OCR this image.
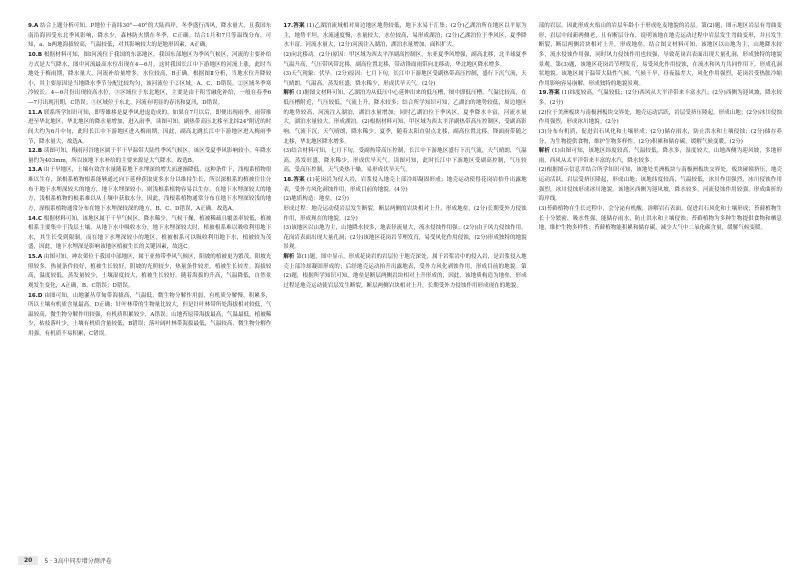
9.A 结合上题分析可知，P地位于南纬30°—40°的大陆西岸，冬季盛行西风，降水量大，且我国东南沿海因受东北季风影响，降水少，森林防火期在冬季，C正确。结合1月和7月等温线分布，可知，a、b两地海拔较高，气温较低，对其影响较大的是地形因素，A正确。

10.B 根据材料可知，图Ⅰ河流位于我国的东部地区，我国东部地区为季风气候区，河流的主要补给方式是大气降水，图中河流最高水位出现在4—6月，这时我国长江中下游地区的河流上涨，此时当地处于梅雨期，降水量大，河流补给量增多，水位较高，B正确。根据图Ⅱ分析，当地水位升降较小，其主要原因是当地降水季节分配比较均匀，该河流位于②区域，A、C、D错误。②区域冬季寒冷较长，4—6月份出现较高水位，③区域位于东北地区，主要是由于积雪融化补给，一般在春季6—7月出现汛期，C错误；⑤区域位于东北，河流有明显的春汛和夏汛，D错误。

11.A 联系所学知识可知，即等雄移是夏季风进退造成的，如果在7月以后，即便出现雨季，雨带推进至华北地区，华北地区的降水量增加，进入雨季。读图可知，副热带高压北移至北纬24°附近的时间大约为6月中旬，此时长江中下游地区进入梅雨期，因此，副高北跳长江中下游地区进入梅雨季节，降水量大，故选A。

12.B 读图可知，梅雨河谷地区属于半干旱温带大陆性季风气候区，该区受夏季风影响较小，年降水量约为403mm，所以该地下水补给的主要来源是大气降水。故选B。

13.A 由于旱地区，土壤有效含水量随着地下水埋深的增大而逐渐降低，这种条件下，浅根系植物很难以生存，深根系植物根系能够通过向下延伸获取更多水分以维持生长，所以深根系的植被往往分布于地下水埋深较大的地方，地下水埋深较小，则浅根系植物容易以生存，在地下水埋深较大的地方，浅根系植物的根系难以从土壤中获取水分，因此，浅根系植物通常分布在地下水埋深较浅的地方，深根系植物通常分布在地下水埋深较深的地方，B、C、D错误，A正确。故选A。

14.C 根据材料可知，该地区属于干旱气候区，降水稀少，气候干燥，植被稀疏且覆盖率较低，植被根系主要集中于浅层土壤，从地下水中吸收水分，地下水埋深较大时，植被根系难以吸收利用地下水，其生长受到限制。而在地下水埋深较小的地区，植被根系可以吸收利用地下水，植被较为茂盛，因此，地下水埋深是影响该地区植被生长的关键因素，故选C。

15.A 由图可知，神农架位于我国中部地区，属于亚热带季风气候区，阳坡的植被更为繁茂，阳坡光照较多，热量条件较好，植被生长较好，阴坡的光照较少，热量条件较差，植被生长较差。海拔较高，温度较低，蒸发量较少，土壤湿度较大，植被生长较好。随着海拔的升高，气温降低，自然景观发生变化，A正确，B、C错误；D错误。

16.D 由图可知，山地灌丛草甸带海拔高，气温低，微生物分解作用弱，有机质分解慢，积累多，所以土壤有机质含量最高，D正确；针叶林带的生物量比较大，但是针叶林带所处海拔相对较低，气温较高，微生物分解作用较强，有机质积累较少，A错误；山地苔原带海拔最高，气温最低，植被稀少，枯枝落叶少，土壤有机质含量较低，B错误；落叶阔叶林带海拔最低，气温较高，微生物分解作用强，有机质不易积累，C错误。

17.答案 (1)乙湖泊流域相对周边地区地势较低，地下水易于汇集；(2分)乙湖泊所在地区以平原为主，地势平坦，水流速度慢，水量较大，水位较高，易形成湖泊；(2分)乙湖泊位于季风区，夏季降水丰富，河流水量大，(2分)河流注入湖泊，湖泊水量增加，面积扩大。

(2)向北移动。(2分)原因：甲区域为西太平洋副高控制区，东亚夏季风增强，副高北移，北半球夏季气温升高，气压带风带北移，副高位置北移，带动锋面雨带向北移动，华北地区降水增多。

(3)天气现象：伏旱。(2分)原因：七月下旬，长江中下游地区受副热带高压控制，盛行下沉气流，天气晴朗，气温高，蒸发旺盛，降水稀少，形成伏旱天气。(2分)

解析 (1)据图文材料可知，乙湖泊为从低压中心延伸出来的低压槽，图中即低压槽，气温比较高，在低压槽附近，气压较低，气流上升，降水较多；结合所学知识可知，乙湖泊的地势较低，周边地区的地势较高，河流注入湖泊，湖泊水量增加；同时乙湖泊位于季风区，夏季降水丰富，河流水量大，湖泊水量较大，形成湖泊。(2)根据材料可知，甲区域为西太平洋副热带高压控制区，受副高影响，气流下沉，天气晴朗，降水稀少。夏季，随着太阳直射点北移，副高位置北移，锋面雨带随之北移，华北地区降水增多。

(3)结合材料可知，七月下旬，受副热带高压控制，长江中下游地区盛行下沉气流，天气晴朗，气温高，蒸发旺盛，降水稀少，形成伏旱天气。读图可知，此时长江中下游地区受副高控制，气压较高，受高压控制，天气炎热干燥，易形成伏旱天气。

18.答案 (1)花岗岩为侵入岩，岩浆侵入地壳上部冷却凝固形成；地壳运动使得花岗岩抬升出露地表，受外力风化剥蚀作用，形成目前的地貌。(4分)

(2)地质构造：地垒。(2分)

形成过程：地壳运动使岩层发生断裂，断层两侧的岩块相对上升，形成地垒，(2分)长期受外力侵蚀作用，形成现在的地貌。(2分)

(3)该地区以山地为主，山地降水较多，地表径流量大，流水侵蚀作用强；(2分)由于风力侵蚀作用，花岗岩表面出现大量孔洞；(2分)该地区花岗岩节理发育，易受风化作用侵蚀，(2分)形成独特的地貌景观。

解析 第(1)题，图中显示，形成花岗岩的岩层位于地壳深处，属于岩浆岩中的侵入岩，是岩浆侵入地壳上部冷却凝固形成的；后经地壳运动抬升出露地表，受外力风化剥蚀作用，形成目前的地貌。第(2)题，根据所学知识可知，地垒是断层两侧岩块相对上升形成的，因此，该地质构造为地垒，形成过程是地壳运动使岩层发生断裂，断层两侧岩块相对上升，长期受外力侵蚀作用形成现在的地貌。

部的岩层，因此形成火焰山的岩层年龄小于形成吃麦地貌的岩层。第(2)题，图示地区岩层有弯曲变形，岩层中间新两侧老，且有断层分布，说明该地在地壳运动过程中岩层发生弯曲变形，并且发生断裂，断层两侧岩块相对上升，形成地垒。结合图文材料可知，该地区以山地为主，山地降水较多，流水侵蚀作用强，同时风力侵蚀作用也较强，导致花岗岩表面出现大量孔洞，形成独特的地貌景观。第(3)题，该地区花岗岩节理发育，易受风化作用侵蚀，在流水和风力共同作用下，形成孔洞状地貌。该地区属于温带大陆性气候，气候干旱，昼夜温差大，风化作用强烈，花岗岩受热胀冷缩作用影响容易崩解，形成独特的地貌景观。

19.答案 (1)纬度较高，气温较低；(2分)西风从大平洋带来丰富水汽；(2分)西侧为迎风坡，降水较多。(2分)

(2)位于美洲板块与南极洲板块交界处，地壳运动活跃，岩层受挤压隆起，形成山地；(2分)冰川侵蚀作用强烈，形成冰川地貌。(2分)

(3)分布有机质，促进岩石风化和土壤形成；(2分)储存雨水，防止洪水和土壤侵蚀；(2分)储存养分，为生物提供食物，维护生物多样性。(2分)积累和储存碳，缓解气候变暖。(2分)

解析 (1)由图可知，该地区纬度较高，气温较低，降水多，湿度较大，山地西侧为迎风坡，多地形雨，西风从太平洋带来丰富的水汽，降水较多。

(2)根据图示信息并结合所学知识可知，该地处美洲板块与南极洲板块交界处，板块碰撞挤压，地壳运动活跃，岩层受挤压隆起，形成山地；该地纬度较高，气温较低，冰川作用强烈，冰川侵蚀作用强烈，冰川侵蚀形成冰川地貌。该地区西侧为迎风坡，降水较多，河流侵蚀作用较强，形成曲折的海岸线。

(3)苔藓植物在生长过程中，会分泌有机酸，溶解岩石表面，促进岩石风化和土壤形成；苔藓植物生长十分繁密，吸水性强，能储存雨水，防止洪水和土壤侵蚀；苔藓植物为多种生物提供食物和栖息地，维护生物多样性；苔藓植物能积累和储存碳，减少大气中二氧化碳含量，缓解气候变暖。

20	5 · 3高中同步增分测评卷
